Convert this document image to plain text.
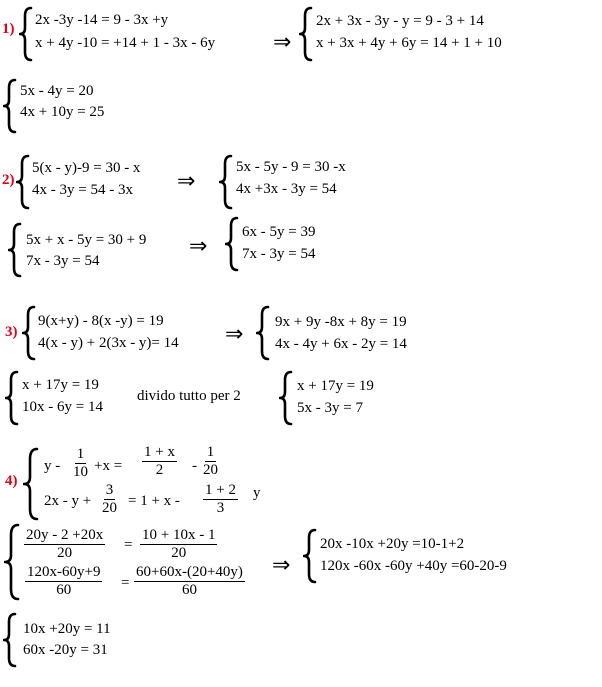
1)
2x -3y -14 = 9 - 3x +y
x + 4y -10 = +14 + 1 - 3x - 6y	⇒
2x + 3x - 3y - y = 9 - 3 + 14
x + 3x + 4y + 6y = 14 + 1 + 10
5x - 4y = 20
4x + 10y = 25
2)
5(x - y)-9 = 30 - x
4x - 3y = 54 - 3x ⇒
5x - 5y - 9 = 30 -x
4x +3x - 3y = 54
5x + x - 5y = 30 + 9
7x - 3y = 54
⇒
6x - 5y = 39
7x - 3y = 54
3)
9(x+y) - 8(x -y) = 19
4(x - y) + 2(3x - y)= 14 ⇒ 9x + 9y -8x + 8y = 19
4x - 4y + 6x - 2y = 14
x + 17y = 19
10x - 6y = 14
divido tutto per 2
x + 17y = 19
5x - 3y = 7
4)
$y - \frac{1}{10} +x = \frac{1 + x}{2} - \frac{1}{20}$
$2x - y + \frac{3}{20} = 1 + x - \frac{1 + 2}{3}$ y
$\frac{20y - 2 +20x}{20} = \frac{10 + 10x - 1}{20}$
$\frac{120x-60y+9}{60} = \frac{60+60x-(20+40y)}{60}$ ⇒
20x -10x +20y =10-1+2
120x -60x -60y +40y =60-20-9
10x +20y = 11
60x -20y = 31
